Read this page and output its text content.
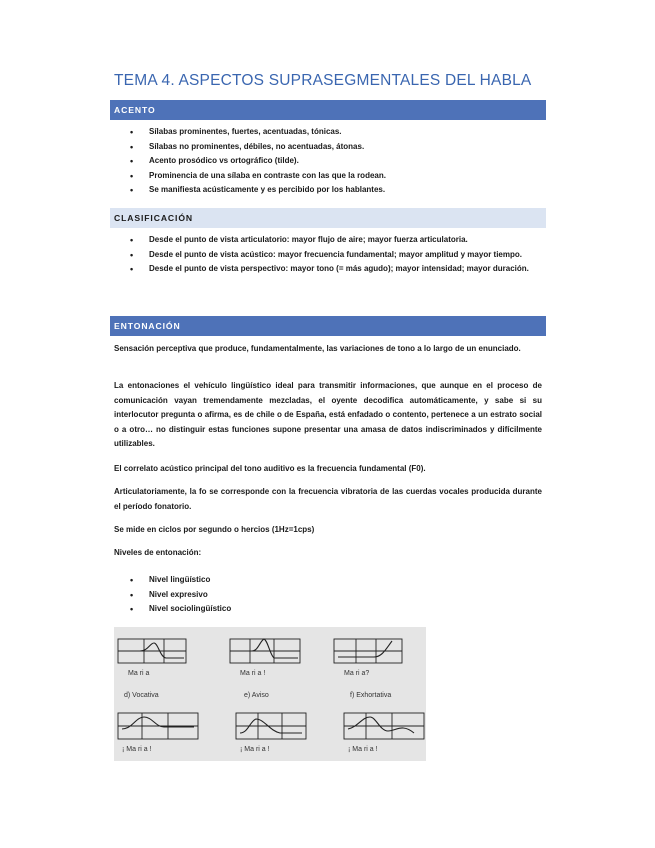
TEMA 4. ASPECTOS SUPRASEGMENTALES DEL HABLA
ACENTO
• Sílabas prominentes, fuertes, acentuadas, tónicas.
• Sílabas no prominentes, débiles, no acentuadas, átonas.
• Acento prosódico vs ortográfico (tilde).
• Prominencia de una sílaba en contraste con las que la rodean.
• Se manifiesta acústicamente y es percibido por los hablantes.
CLASIFICACIÓN
• Desde el punto de vista articulatorio: mayor flujo de aire; mayor fuerza articulatoria.
• Desde el punto de vista acústico: mayor frecuencia fundamental; mayor amplitud y mayor tiempo.
• Desde el punto de vista perspectivo: mayor tono (= más agudo); mayor intensidad; mayor duración.
ENTONACIÓN

Sensación perceptiva que produce, fundamentalmente, las variaciones de tono a lo largo de un enunciado.

La entonaciones el vehículo lingüístico ideal para transmitir informaciones, que aunque en el proceso de comunicación vayan tremendamente mezcladas, el oyente decodifica automáticamente, y sabe si su interlocutor pregunta o afirma, es de chile o de España, está enfadado o contento, pertenece a un estrato social o a otro… no distinguir estas funciones supone presentar una amasa de datos indiscriminados y difícilmente utilizables.

El correlato acústico principal del tono auditivo es la frecuencia fundamental (F0).

Articulatoriamente, la fo se corresponde con la frecuencia vibratoria de las cuerdas vocales producida durante el período fonatorio.

Se mide en ciclos por segundo o hercios (1Hz=1cps)

Niveles de entonación:

• Nivel lingüístico
• Nivel expresivo
• Nivel sociolingüístico
Ma ri a	Ma ri a !	Ma ri a?
d) Vocativa	e) Aviso	f) Exhortativa
¡ Ma ri a !	¡ Ma ri a !	¡ Ma ri a !
